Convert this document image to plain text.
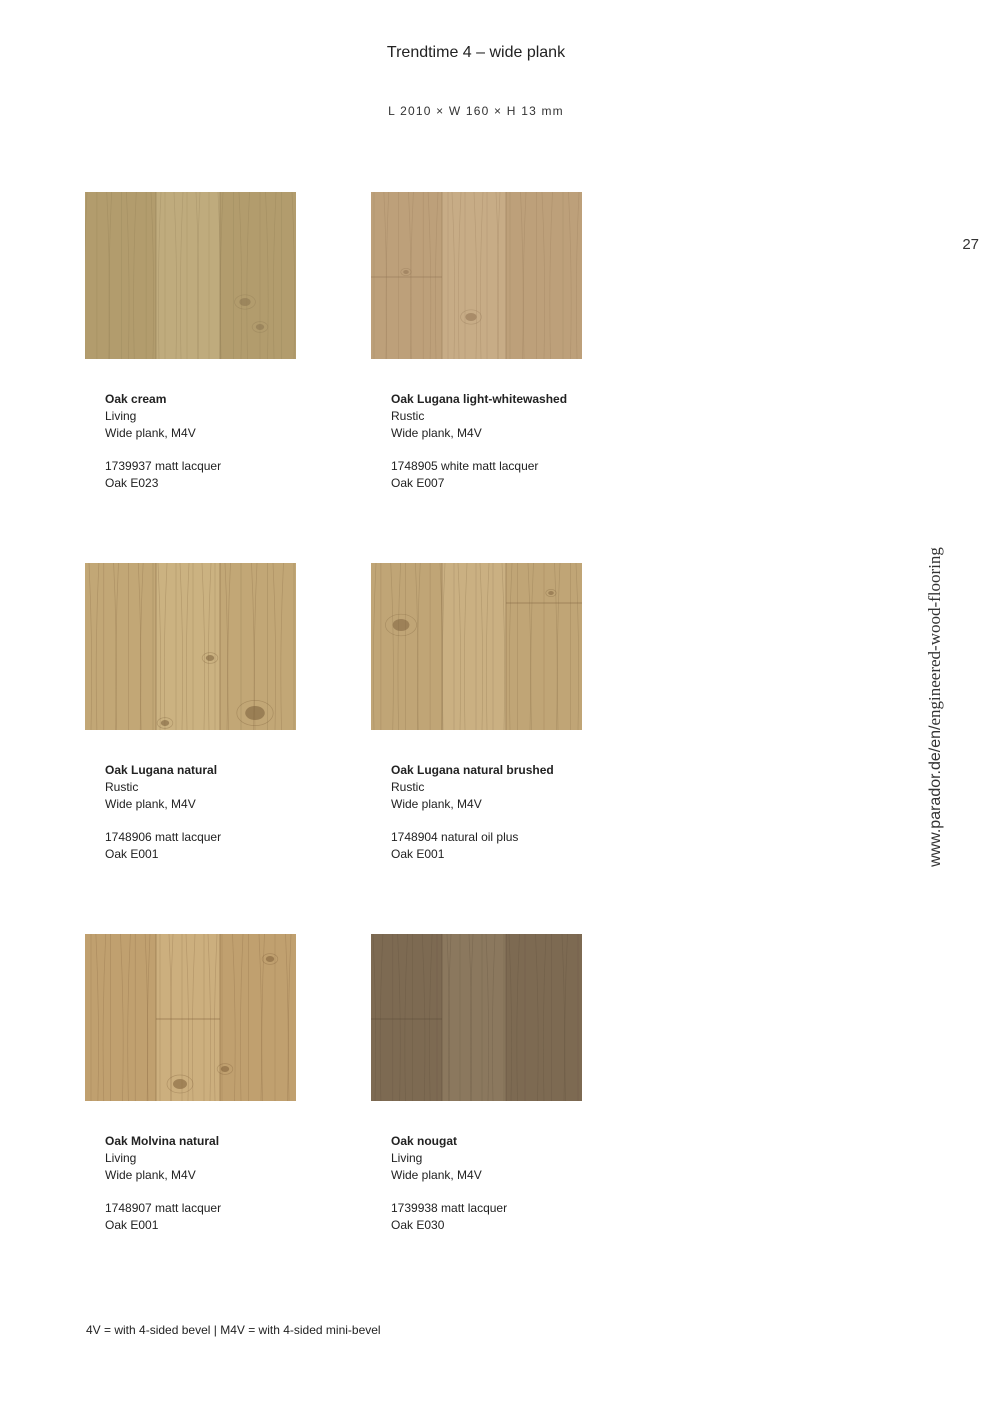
Trendtime 4 – wide plank
L 2010 × W 160 × H 13 mm
27
www.parador.de/en/engineered-wood-flooring
Oak cream
Living
Wide plank, M4V
1739937 matt lacquer
Oak E023
Oak Lugana light-whitewashed
Rustic
Wide plank, M4V
1748905 white matt lacquer
Oak E007
Oak Lugana natural
Rustic
Wide plank, M4V
1748906 matt lacquer
Oak E001
Oak Lugana natural brushed
Rustic
Wide plank, M4V
1748904 natural oil plus
Oak E001
Oak Molvina natural
Living
Wide plank, M4V
1748907 matt lacquer
Oak E001
Oak nougat
Living
Wide plank, M4V
1739938 matt lacquer
Oak E030
4V = with 4-sided bevel | M4V = with 4-sided mini-bevel
